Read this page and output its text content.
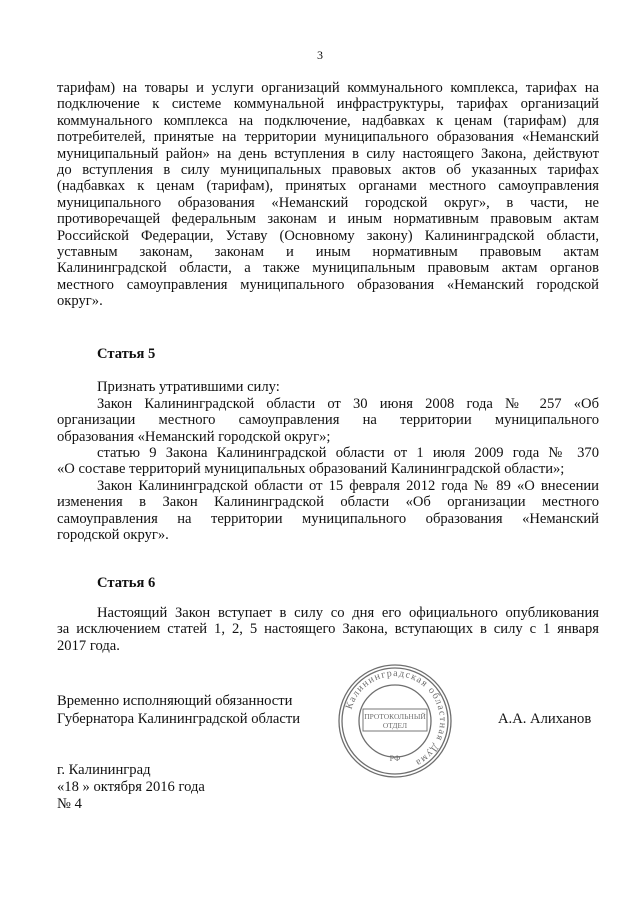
3
тарифам) на товары и услуги организаций коммунального комплекса, тарифах на
подключение к системе коммунальной инфраструктуры, тарифах организаций
коммунального комплекса на подключение, надбавках к ценам (тарифам) для
потребителей, принятые на территории муниципального образования «Неманский
муниципальный район» на день вступления в силу настоящего Закона, действуют
до вступления в силу муниципальных правовых актов об указанных тарифах
(надбавках к ценам (тарифам), принятых органами местного самоуправления
муниципального образования «Неманский городской округ», в части, не
противоречащей федеральным законам и иным нормативным правовым актам
Российской Федерации, Уставу (Основному закону) Калининградской области,
уставным законам, законам и иным нормативным правовым актам
Калининградской области, а также муниципальным правовым актам органов
местного самоуправления муниципального образования «Неманский городской
округ».
Статья 5
Признать утратившими силу:
Закон Калининградской области от 30 июня 2008 года № 257 «Об
организации местного самоуправления на территории муниципального
образования «Неманский городской округ»;
статью 9 Закона Калининградской области от 1 июля 2009 года № 370
«О составе территорий муниципальных образований Калининградской области»;
Закон Калининградской области от 15 февраля 2012 года № 89 «О внесении
изменения в Закон Калининградской области «Об организации местного
самоуправления на территории муниципального образования «Неманский
городской округ».
Статья 6
Настоящий Закон вступает в силу со дня его официального опубликования
за исключением статей 1, 2, 5 настоящего Закона, вступающих в силу с 1 января
2017 года.
Временно исполняющий обязанности
Губернатора Калининградской области	А.А. Алиханов
Калининградская областная Дума
ПРОТОКОЛЬНЫЙ
ОТДЕЛ
РФ
г. Калининград
«18 » октября 2016 года
№ 4
